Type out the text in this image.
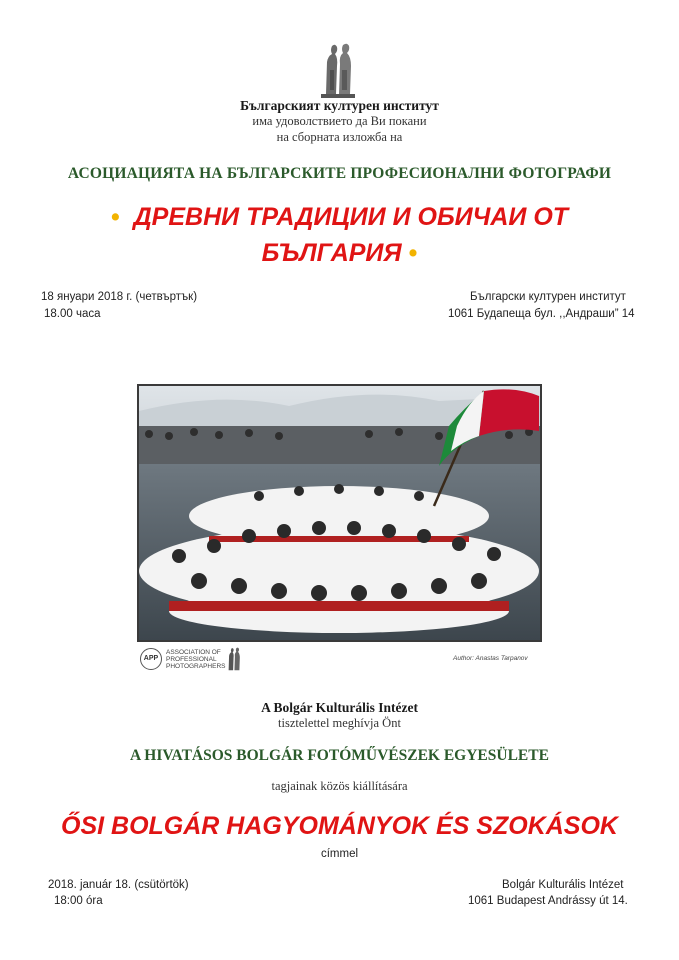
Българският културен институт
има удоволствието да Ви покани
на сборната изложба на
АСОЦИАЦИЯТА НА БЪЛГАРСКИТЕ ПРОФЕСИОНАЛНИ ФОТОГРАФИ
• ДРЕВНИ ТРАДИЦИИ И ОБИЧАИ ОТ
БЪЛГАРИЯ •
18 януари 2018 г. (четвъртък)
18.00 часа
Български културен институт
1061 Будапеща бул. ,,Андраши” 14
APP
ASSOCIATION OF
PROFESSIONAL
PHOTOGRAPHERS
Author: Anastas Tarpanov
A Bolgár Kulturális Intézet
tisztelettel meghívja Önt
A HIVATÁSOS BOLGÁR FOTÓMŰVÉSZEK EGYESÜLETE
tagjainak közös kiállítására
ŐSI BOLGÁR HAGYOMÁNYOK ÉS SZOKÁSOK
címmel
2018. január 18. (csütörtök)
18:00 óra
Bolgár Kulturális Intézet
1061 Budapest Andrássy út 14.
